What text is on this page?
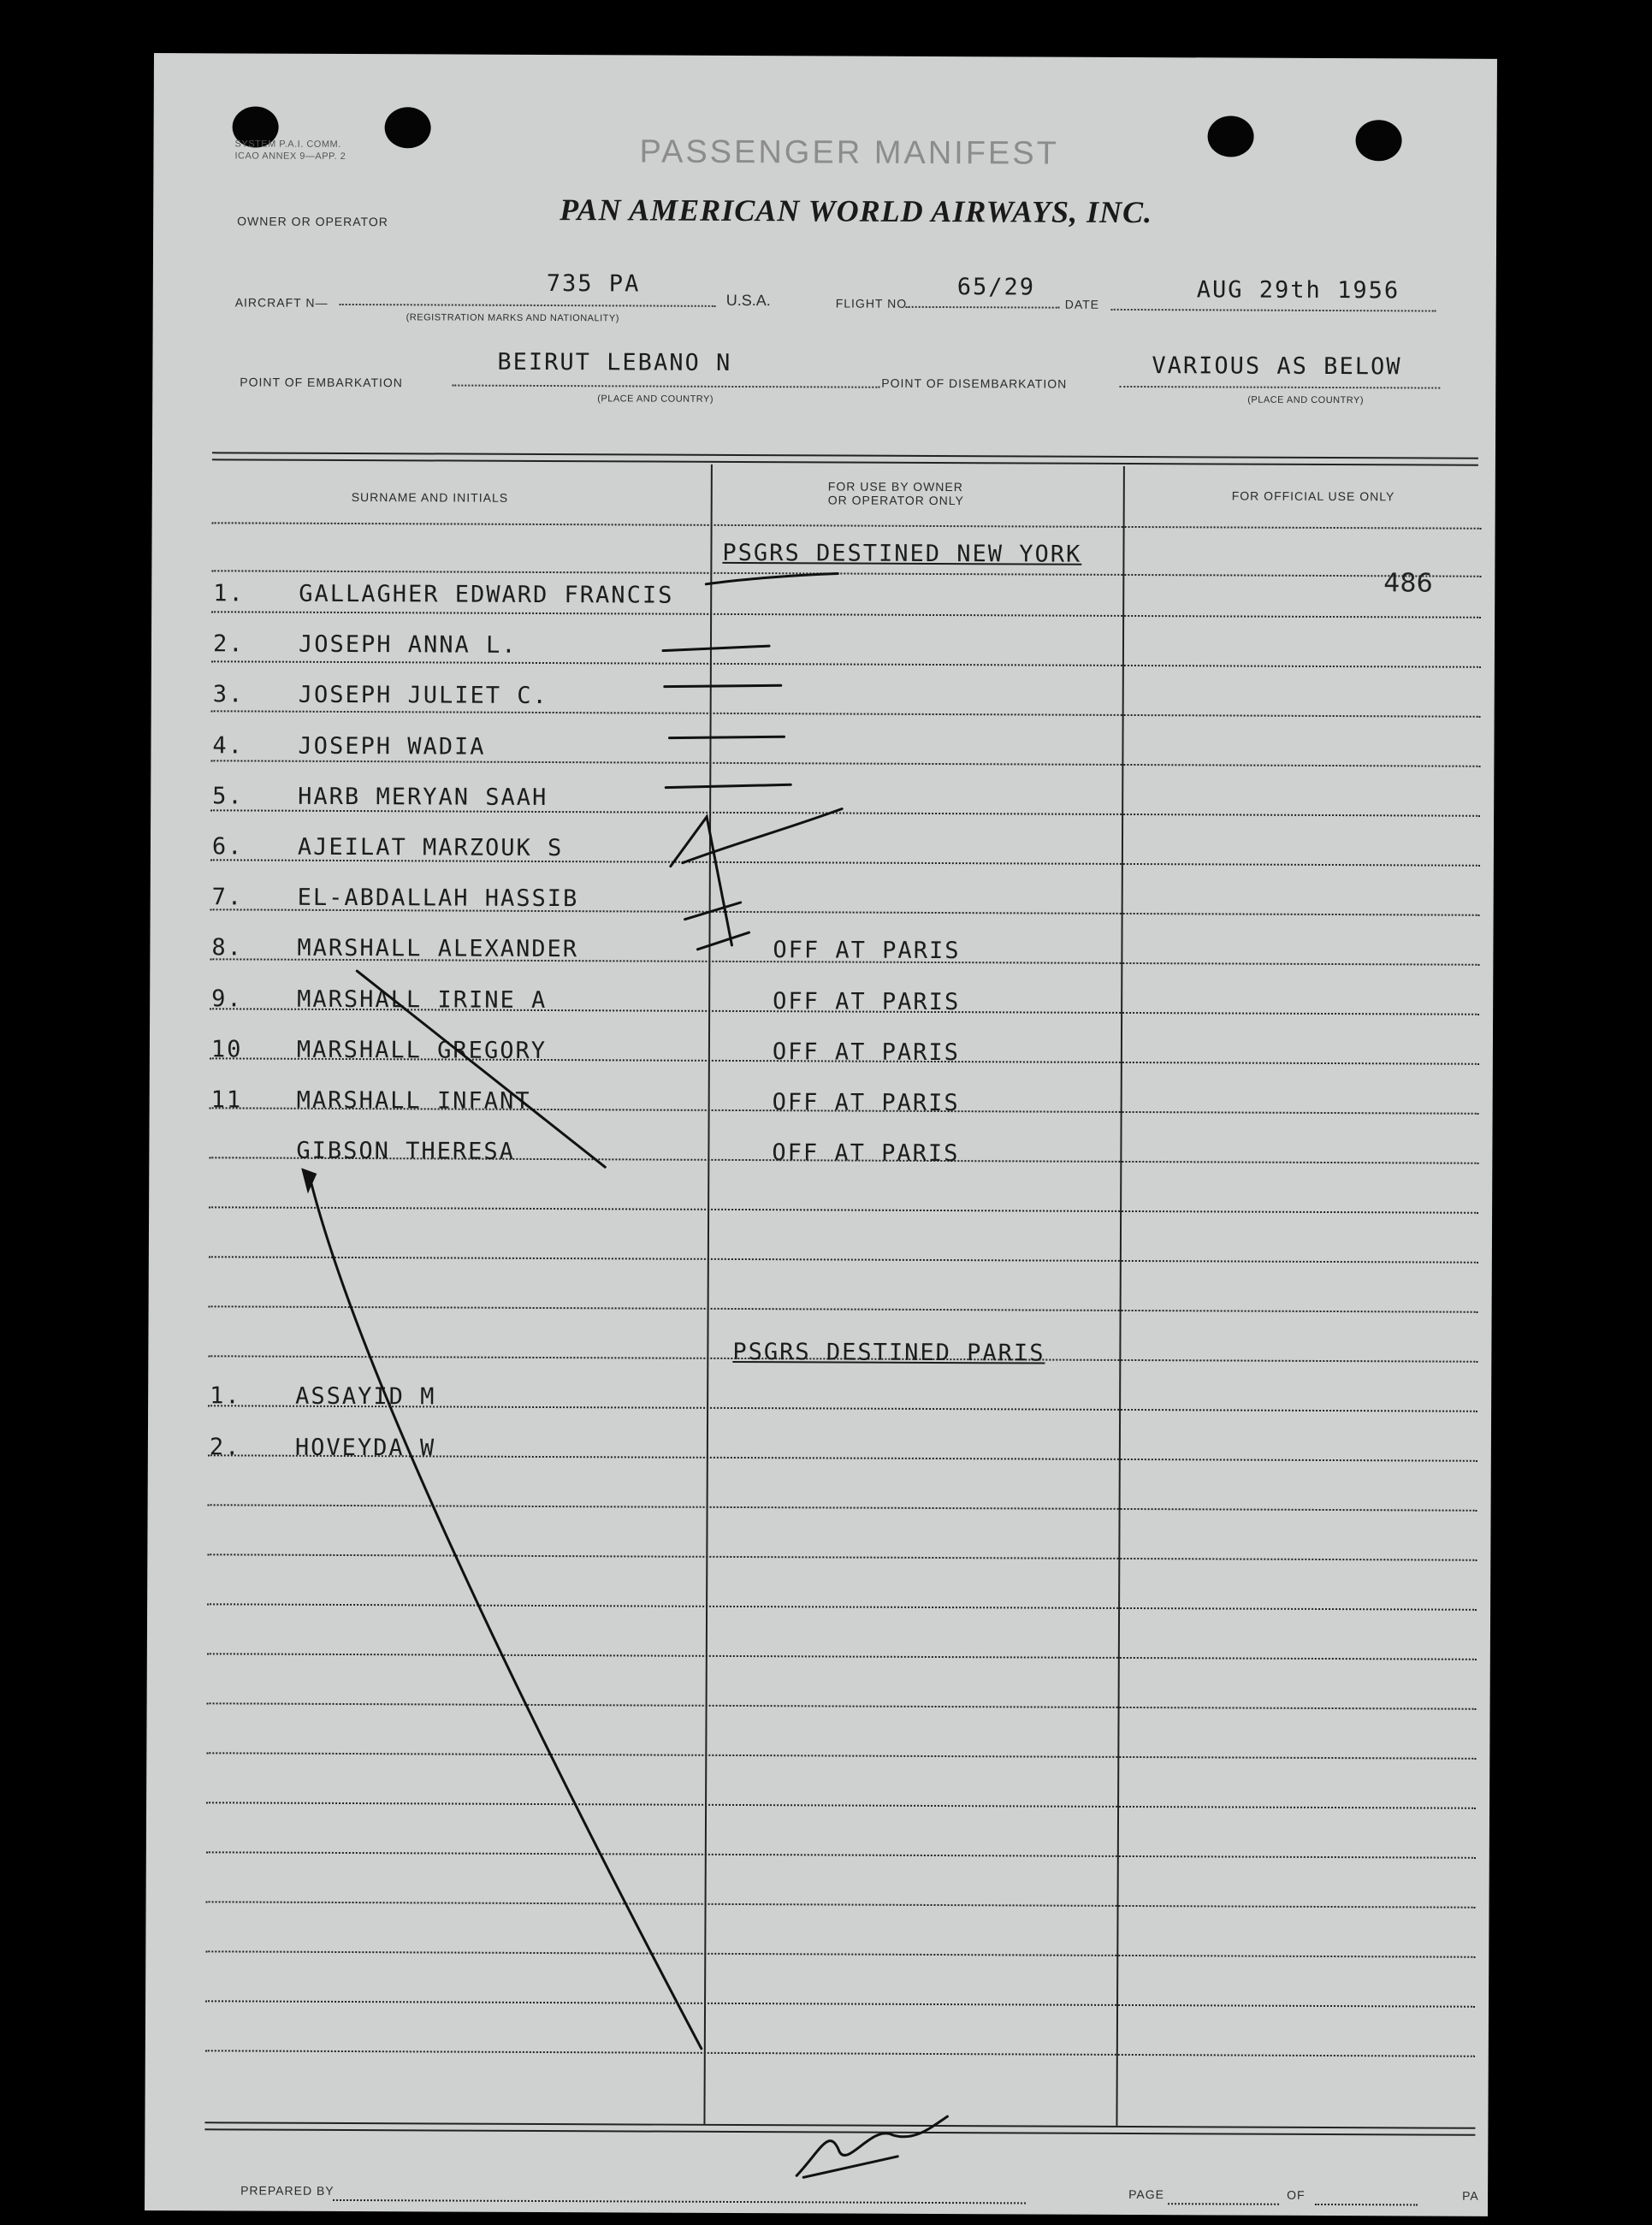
SYSTEM P.A.I. COMM.
ICAO ANNEX 9—APP. 2	PASSENGER MANIFEST
OWNER OR OPERATOR	PAN AMERICAN WORLD AIRWAYS, INC.
AIRCRAFT N—
735 PA
(REGISTRATION MARKS AND NATIONALITY)
U.S.A.	FLIGHT NO.
65/29
DATE
AUG 29th 1956
POINT OF EMBARKATION
BEIRUT LEBANO N
(PLACE AND COUNTRY)
POINT OF DISEMBARKATION
VARIOUS AS BELOW
(PLACE AND COUNTRY)
SURNAME AND INITIALS
FOR USE BY OWNER
OR OPERATOR ONLY	FOR OFFICIAL USE ONLY
PSGRS DESTINED NEW YORK
486
1. GALLAGHER EDWARD FRANCIS
2. JOSEPH ANNA L.
3. JOSEPH JULIET C.
4. JOSEPH WADIA
5. HARB MERYAN SAAH
6. AJEILAT MARZOUK S
7. EL-ABDALLAH HASSIB
8. MARSHALL ALEXANDER	OFF AT PARIS
9. MARSHALL IRINE A	OFF AT PARIS
10 MARSHALL GREGORY	OFF AT PARIS
11 MARSHALL INFANT	OFF AT PARIS
GIBSON THERESA	OFF AT PARIS
PSGRS DESTINED PARIS
1. ASSAYID M
2. HOVEYDA W
PREPARED BY	PAGE	OF	PA
